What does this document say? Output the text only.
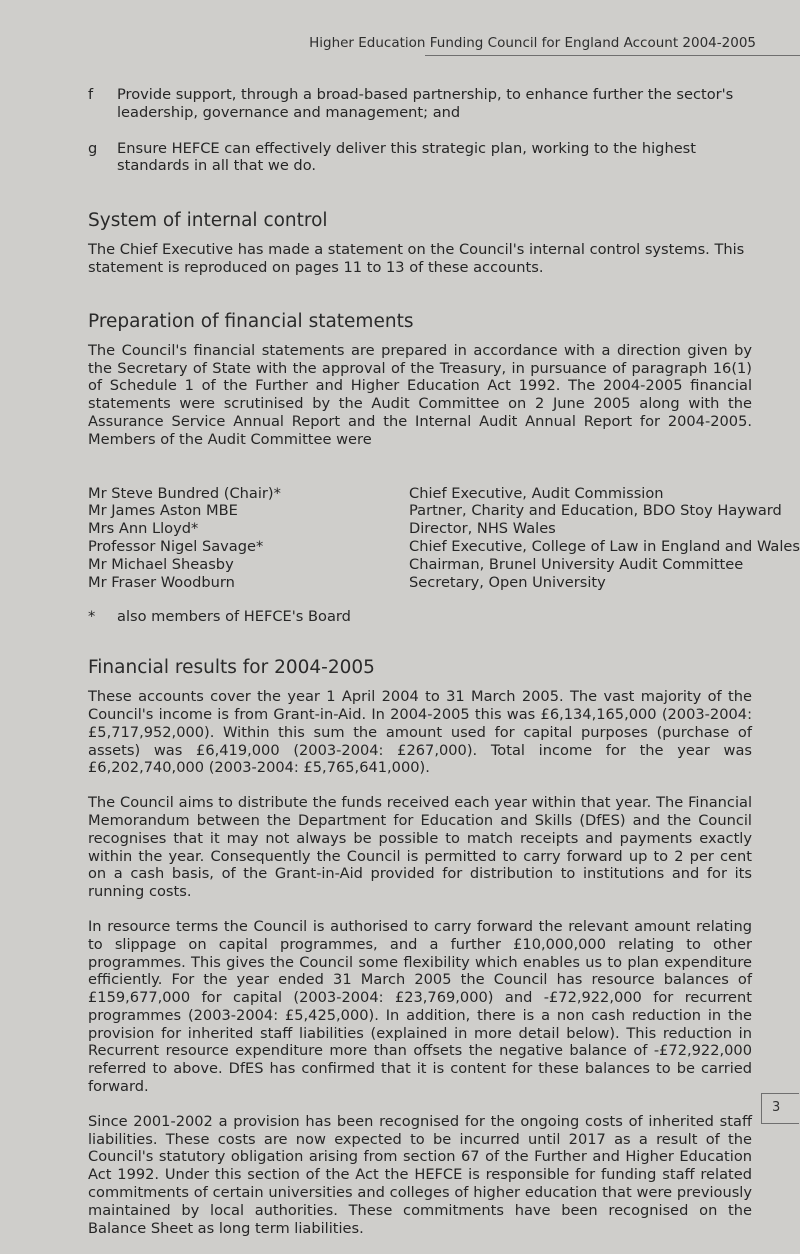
Higher Education Funding Council for England Account 2004-2005
f	Provide support, through a broad-based partnership, to enhance further the sector's leadership, governance and management; and
g	Ensure HEFCE can effectively deliver this strategic plan, working to the highest standards in all that we do.
System of internal control

The Chief Executive has made a statement on the Council's internal control systems. This statement is reproduced on pages 11 to 13 of these accounts.

Preparation of financial statements

The Council's financial statements are prepared in accordance with a direction given by the Secretary of State with the approval of the Treasury, in pursuance of paragraph 16(1) of Schedule 1 of the Further and Higher Education Act 1992. The 2004-2005 financial statements were scrutinised by the Audit Committee on 2 June 2005 along with the Assurance Service Annual Report and the Internal Audit Annual Report for 2004-2005. Members of the Audit Committee were

Mr Steve Bundred (Chair)*	Chief Executive, Audit Commission
Mr James Aston MBE	Partner, Charity and Education, BDO Stoy Hayward
Mrs Ann Lloyd*	Director, NHS Wales
Professor Nigel Savage*	Chief Executive, College of Law in England and Wales
Mr Michael Sheasby	Chairman, Brunel University Audit Committee
Mr Fraser Woodburn	Secretary, Open University
*	also members of HEFCE's Board
Financial results for 2004-2005

These accounts cover the year 1 April 2004 to 31 March 2005. The vast majority of the Council's income is from Grant-in-Aid. In 2004-2005 this was £6,134,165,000 (2003-2004: £5,717,952,000). Within this sum the amount used for capital purposes (purchase of assets) was £6,419,000 (2003-2004: £267,000). Total income for the year was £6,202,740,000 (2003-2004: £5,765,641,000).

The Council aims to distribute the funds received each year within that year. The Financial Memorandum between the Department for Education and Skills (DfES) and the Council recognises that it may not always be possible to match receipts and payments exactly within the year. Consequently the Council is permitted to carry forward up to 2 per cent on a cash basis, of the Grant-in-Aid provided for distribution to institutions and for its running costs.

In resource terms the Council is authorised to carry forward the relevant amount relating to slippage on capital programmes, and a further £10,000,000 relating to other programmes. This gives the Council some flexibility which enables us to plan expenditure efficiently. For the year ended 31 March 2005 the Council has resource balances of £159,677,000 for capital (2003-2004: £23,769,000) and -£72,922,000 for recurrent programmes (2003-2004: £5,425,000). In addition, there is a non cash reduction in the provision for inherited staff liabilities (explained in more detail below). This reduction in Recurrent resource expenditure more than offsets the negative balance of -£72,922,000 referred to above. DfES has confirmed that it is content for these balances to be carried forward.

Since 2001-2002 a provision has been recognised for the ongoing costs of inherited staff liabilities. These costs are now expected to be incurred until 2017 as a result of the Council's statutory obligation arising from section 67 of the Further and Higher Education Act 1992. Under this section of the Act the HEFCE is responsible for funding staff related commitments of certain universities and colleges of higher education that were previously maintained by local authorities. These commitments have been recognised on the Balance Sheet as long term liabilities.

3
